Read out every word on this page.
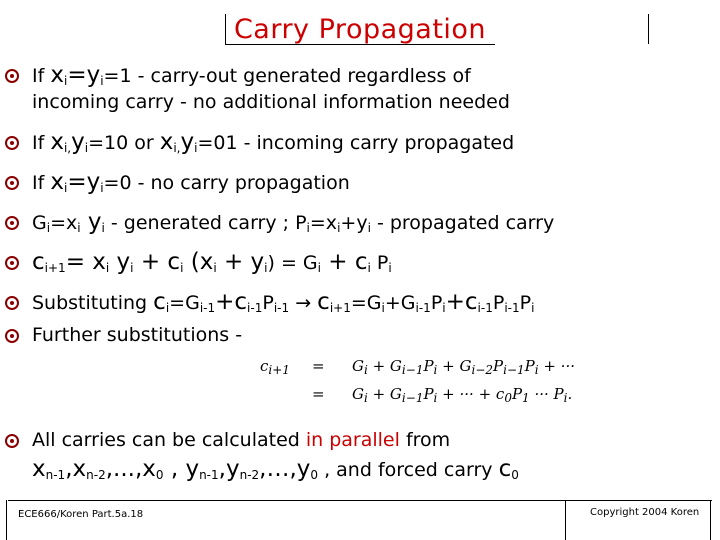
Carry Propagation
If $x_i=y_i=1$ - carry-out generated regardless of
incoming carry - no additional information needed
If $x_{i,}y_i=10$ or $x_{i,}y_i=01$ - incoming carry propagated
If $x_i=y_i=0$ - no carry propagation
$G_i=x_i$ $y_i$ - generated carry ; $P_i=x_i+y_i$ - propagated carry
$c_{i+1}= x_i$ $y_i + c_i$ $(x_i + y_i) = G_i + c_i$ $P_i$
Substituting $c_i=G_{i-1}+c_{i-1}P_{i-1} \to c_{i+1}=G_i+G_{i-1}P_i+c_{i-1}P_{i-1}P_i$
Further substitutions -
$c_{i+1} = G_i + G_{i-1}P_i + G_{i-2}P_{i-1}P_i$ + ···
= $G_i + G_{i-1}P_i$ + ··· + $c_0P_1$ ··· $P_i$.
All carries can be calculated in parallel from
$x_{n-1},x_{n-2},...,x_0$ , $y_{n-1},y_{n-2},\dots,y_0$ , and forced carry $c_0$
ECE666/Koren Part.5a.18	Copyright 2004 Koren
